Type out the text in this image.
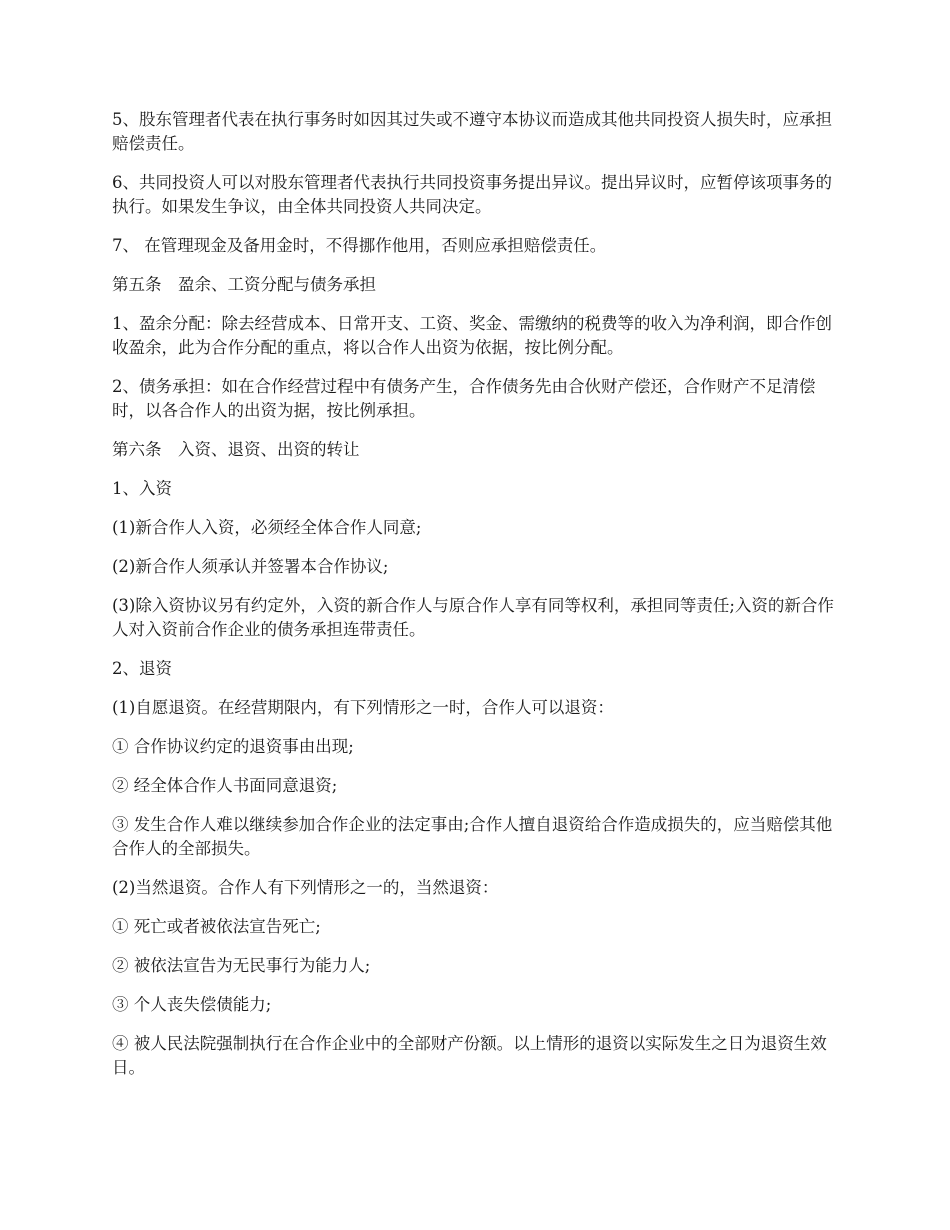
5、股东管理者代表在执行事务时如因其过失或不遵守本协议而造成其他共同投资人损失时，应承担赔偿责任。

6、共同投资人可以对股东管理者代表执行共同投资事务提出异议。提出异议时，应暂停该项事务的执行。如果发生争议，由全体共同投资人共同决定。

7、 在管理现金及备用金时，不得挪作他用，否则应承担赔偿责任。

第五条　盈余、工资分配与债务承担

1、盈余分配：除去经营成本、日常开支、工资、奖金、需缴纳的税费等的收入为净利润，即合作创收盈余，此为合作分配的重点，将以合作人出资为依据，按比例分配。

2、债务承担：如在合作经营过程中有债务产生，合作债务先由合伙财产偿还，合作财产不足清偿时，以各合作人的出资为据，按比例承担。

第六条　入资、退资、出资的转让

1、入资

(1)新合作人入资，必须经全体合作人同意;

(2)新合作人须承认并签署本合作协议;

(3)除入资协议另有约定外，入资的新合作人与原合作人享有同等权利，承担同等责任;入资的新合作人对入资前合作企业的债务承担连带责任。

2、退资

(1)自愿退资。在经营期限内，有下列情形之一时，合作人可以退资：

① 合作协议约定的退资事由出现;

② 经全体合作人书面同意退资;

③ 发生合作人难以继续参加合作企业的法定事由;合作人擅自退资给合作造成损失的，应当赔偿其他合作人的全部损失。

(2)当然退资。合作人有下列情形之一的，当然退资：

① 死亡或者被依法宣告死亡;

② 被依法宣告为无民事行为能力人;

③ 个人丧失偿债能力;

④ 被人民法院强制执行在合作企业中的全部财产份额。以上情形的退资以实际发生之日为退资生效日。
